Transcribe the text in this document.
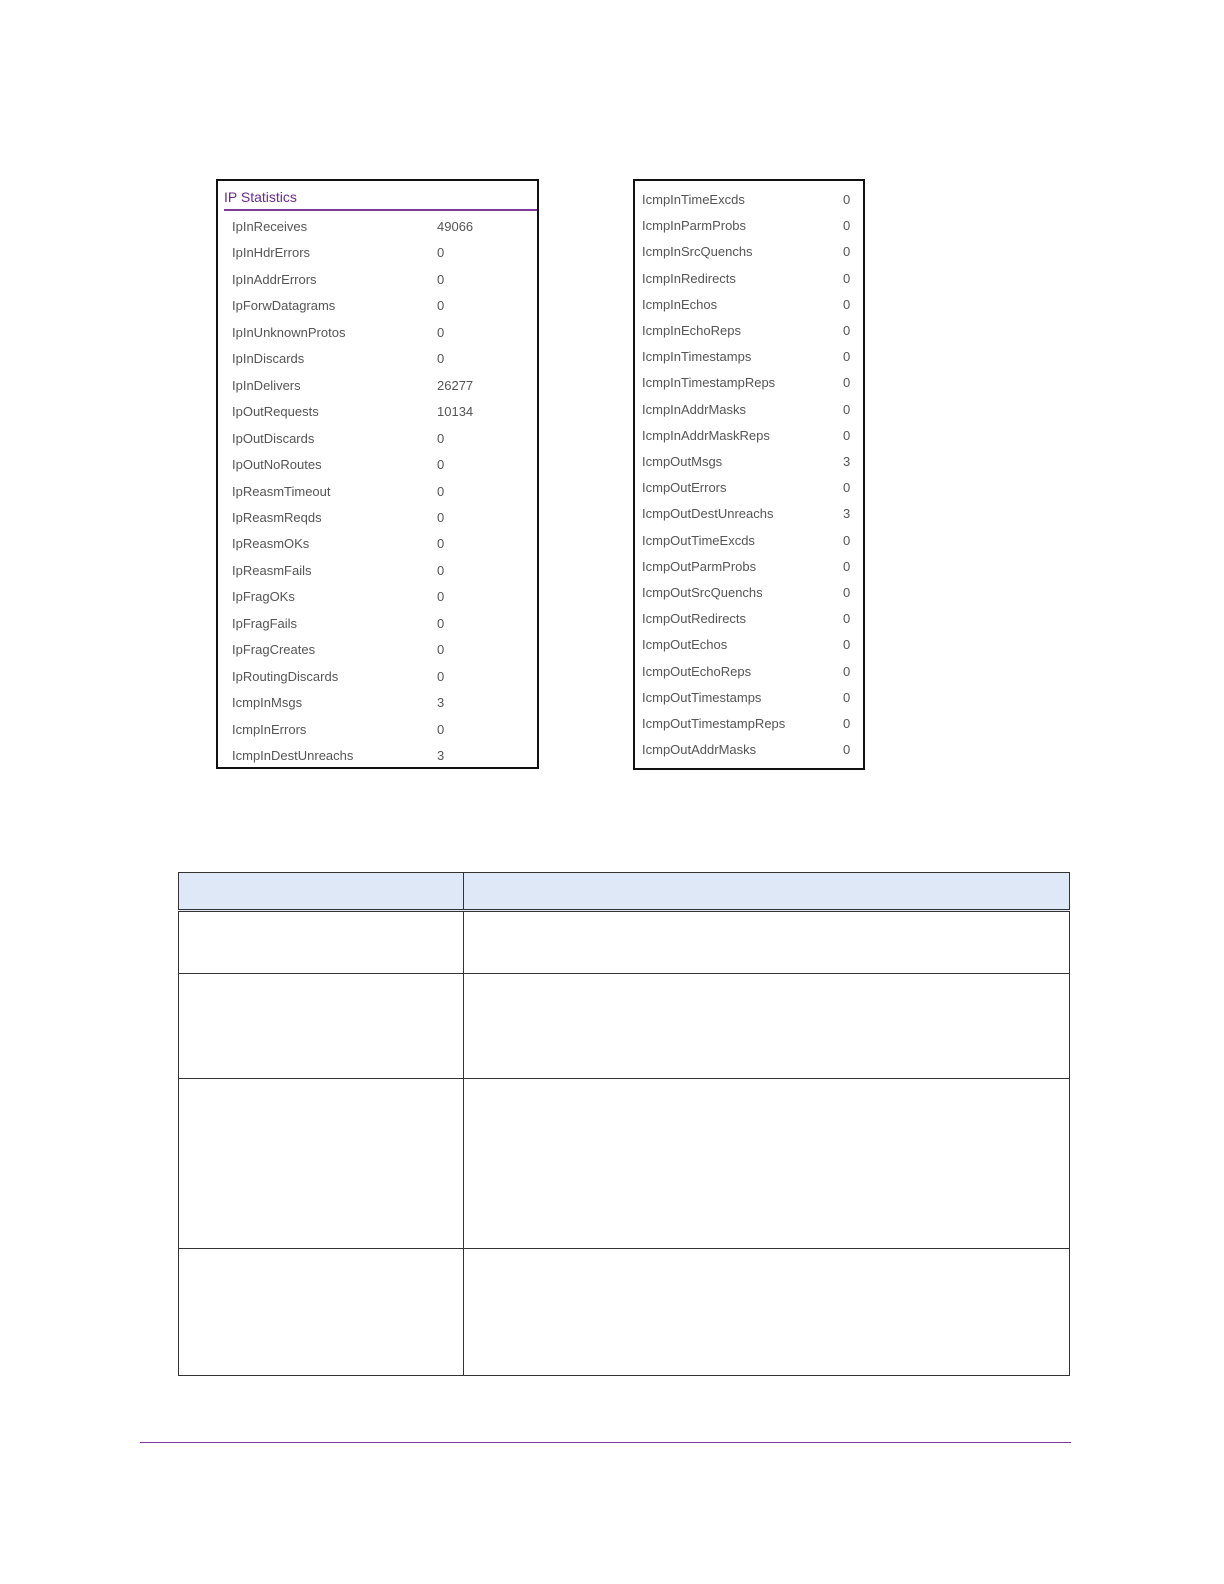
IP Statistics
IpInReceives	49066
IpInHdrErrors	0
IpInAddrErrors	0
IpForwDatagrams	0
IpInUnknownProtos	0
IpInDiscards	0
IpInDelivers	26277
IpOutRequests	10134
IpOutDiscards	0
IpOutNoRoutes	0
IpReasmTimeout	0
IpReasmReqds	0
IpReasmOKs	0
IpReasmFails	0
IpFragOKs	0
IpFragFails	0
IpFragCreates	0
IpRoutingDiscards	0
IcmpInMsgs	3
IcmpInErrors	0
IcmpInDestUnreachs	3
IcmpInTimeExcds	0
IcmpInParmProbs	0
IcmpInSrcQuenchs	0
IcmpInRedirects	0
IcmpInEchos	0
IcmpInEchoReps	0
IcmpInTimestamps	0
IcmpInTimestampReps	0
IcmpInAddrMasks	0
IcmpInAddrMaskReps	0
IcmpOutMsgs	3
IcmpOutErrors	0
IcmpOutDestUnreachs	3
IcmpOutTimeExcds	0
IcmpOutParmProbs	0
IcmpOutSrcQuenchs	0
IcmpOutRedirects	0
IcmpOutEchos	0
IcmpOutEchoReps	0
IcmpOutTimestamps	0
IcmpOutTimestampReps	0
IcmpOutAddrMasks	0
